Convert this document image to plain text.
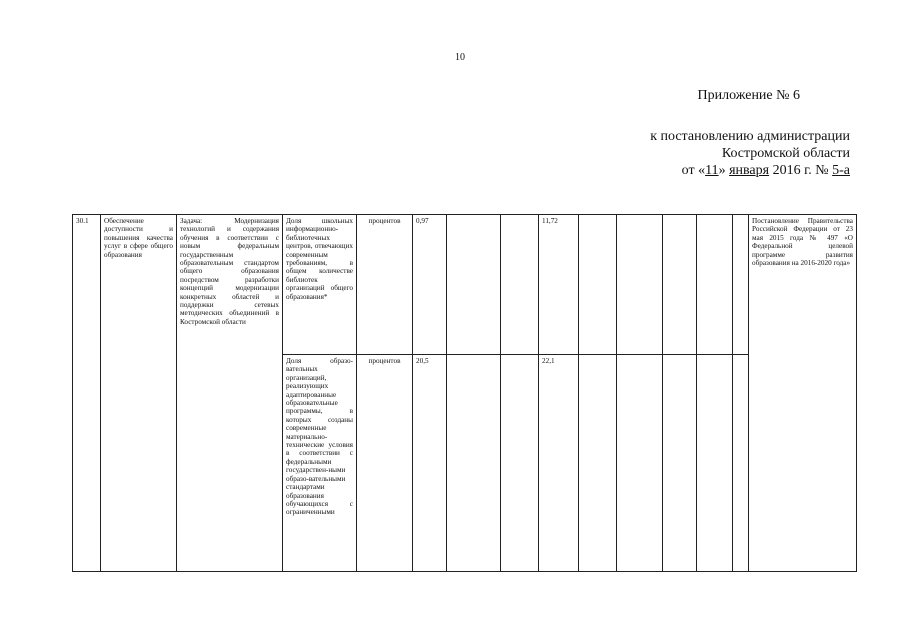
10
Приложение № 6
к постановлению администрации
Костромской области
от «11» января 2016 г. № 5-а
30.1	Обеспечение доступности и повышения качества услуг в сфере общего образования	Задача: Модернизация технологий и содержания обучения в соответствии с новым федеральным государственным образовательным стандартом общего образования посредством разработки концепций модернизации конкретных областей и поддержки сетевых методических объединений в Костромской области	Доля школьных информационно-библиотечных центров, отвечающих современным требованиям, в общем количестве библиотек организаций общего образования*	процентов	0,97			11,72						Постановление Правительства Российской Федерации от 23 мая 2015 года № 497 «О Федеральной целевой программе развития образования на 2016-2020 года»
			Доля образо-вательных организаций, реализующих адаптированные образовательные программы, в которых созданы современные материально-технические условия в соответствии с федеральными государствен-ными образо-вательными стандартами образования обучающихся с ограниченными	процентов	20,5			22,1						
